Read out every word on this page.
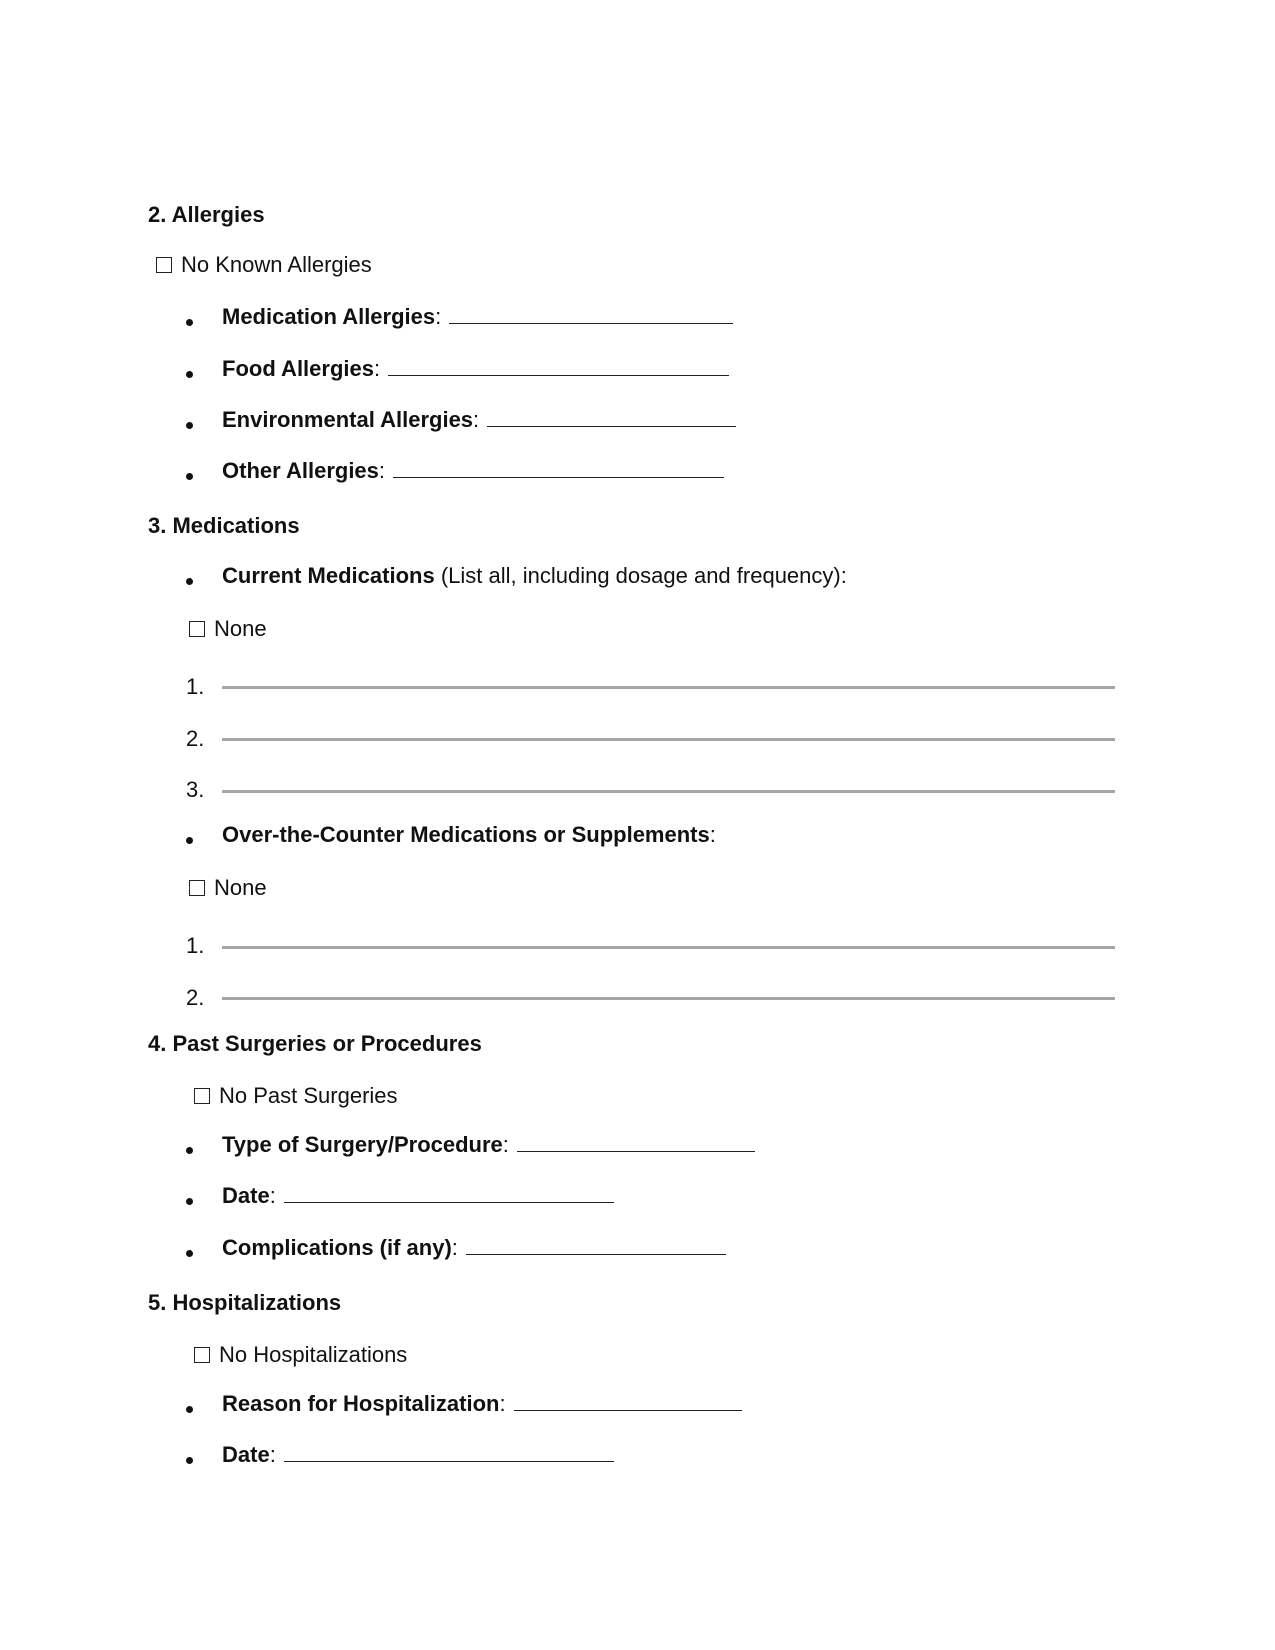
2. Allergies
No Known Allergies
Medication Allergies:
Food Allergies:
Environmental Allergies:
Other Allergies:
3. Medications
Current Medications (List all, including dosage and frequency):
None
1.
2.
3.
Over-the-Counter Medications or Supplements:
None
1.
2.
4. Past Surgeries or Procedures
No Past Surgeries
Type of Surgery/Procedure:
Date:
Complications (if any):
5. Hospitalizations
No Hospitalizations
Reason for Hospitalization:
Date:
